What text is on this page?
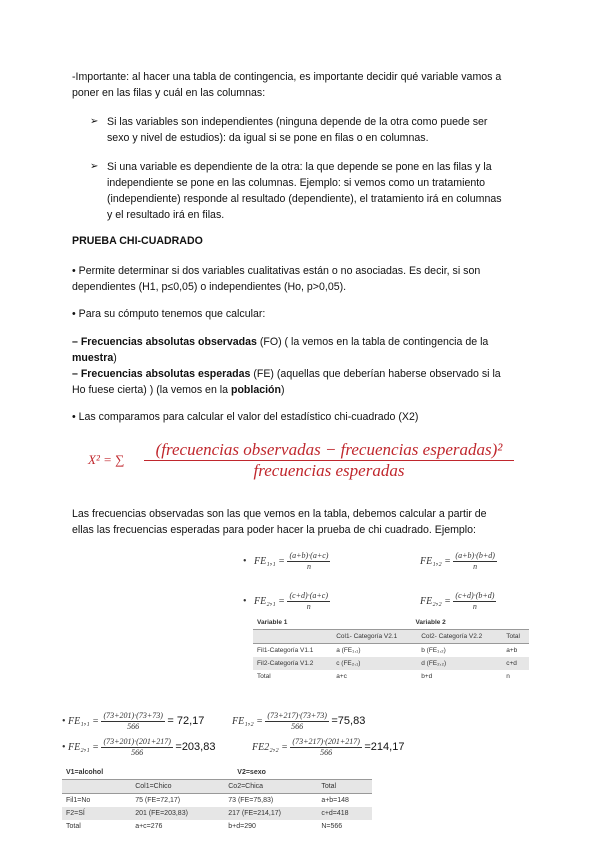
-Importante: al hacer una tabla de contingencia, es importante decidir qué variable vamos a
poner en las filas y cuál en las columnas:
➢ Si las variables son independientes (ninguna depende de la otra como puede ser
sexo y nivel de estudios): da igual si se pone en filas o en columnas.
➢ Si una variable es dependiente de la otra: la que depende se pone en las filas y la
independiente se pone en las columnas. Ejemplo: si vemos como un tratamiento
(independiente) responde al resultado (dependiente), el tratamiento irá en columnas
y el resultado irá en filas.
PRUEBA CHI-CUADRADO
• Permite determinar si dos variables cualitativas están o no asociadas. Es decir, si son
dependientes (H1, p≤0,05) o independientes (Ho, p>0,05).
• Para su cómputo tenemos que calcular:
– Frecuencias absolutas observadas (FO) ( la vemos en la tabla de contingencia de la
muestra)
– Frecuencias absolutas esperadas (FE) (aquellas que deberían haberse observado si la
Ho fuese cierta) ) (la vemos en la población)
• Las comparamos para calcular el valor del estadístico chi-cuadrado (X2)
X² = ∑
(frecuencias observadas − frecuencias esperadas)²
frecuencias esperadas
Las frecuencias observadas son las que vemos en la tabla, debemos calcular a partir de
ellas las frecuencias esperadas para poder hacer la prueba de chi cuadrado. Ejemplo:
• $FE_1,_1 = \frac{(a+b)\cdot(a+c)}{n}$	$FE_1,_2 = \frac{(a+b)\cdot(b+d)}{n}$
• $FE_2,_1 = \frac{(c+d)\cdot(a+c)}{n}$	$FE_2,_2 = \frac{(c+d)\cdot(b+d)}{n}$
Variable 1	Variable 2		
	Col1- Categoría V2.1	Col2- Categoría V2.2	Total
Fil1-Categoría V1.1	a (FE₁,₁)	b (FE₁,₂)	a+b
Fil2-Categoría V1.2	c (FE₂,₁)	d (FE₂,₂)	c+d
Total	a+c	b+d	n
• $FE_1,_1 = \frac{(73+201)\cdot(73+73)}{566} = 72,17$	$FE_1,_2 = \frac{(73+217)\cdot(73+73)}{566} =75,83$
• $FE_2,_1 = \frac{(73+201)\cdot(201+217)}{566} =203,83$	$FE2_2,_2 = \frac{(73+217)\cdot(201+217)}{566} =214,17$
V1=alcohol	V2=sexo		
	Col1=Chico	Co2=Chica	Total
Fil1=No	75 (FE=72,17)	73 (FE=75,83)	a+b=148
F2=SÍ	201 (FE=203,83)	217 (FE=214,17)	c+d=418
Total	a+c=276	b+d=290	N=566
